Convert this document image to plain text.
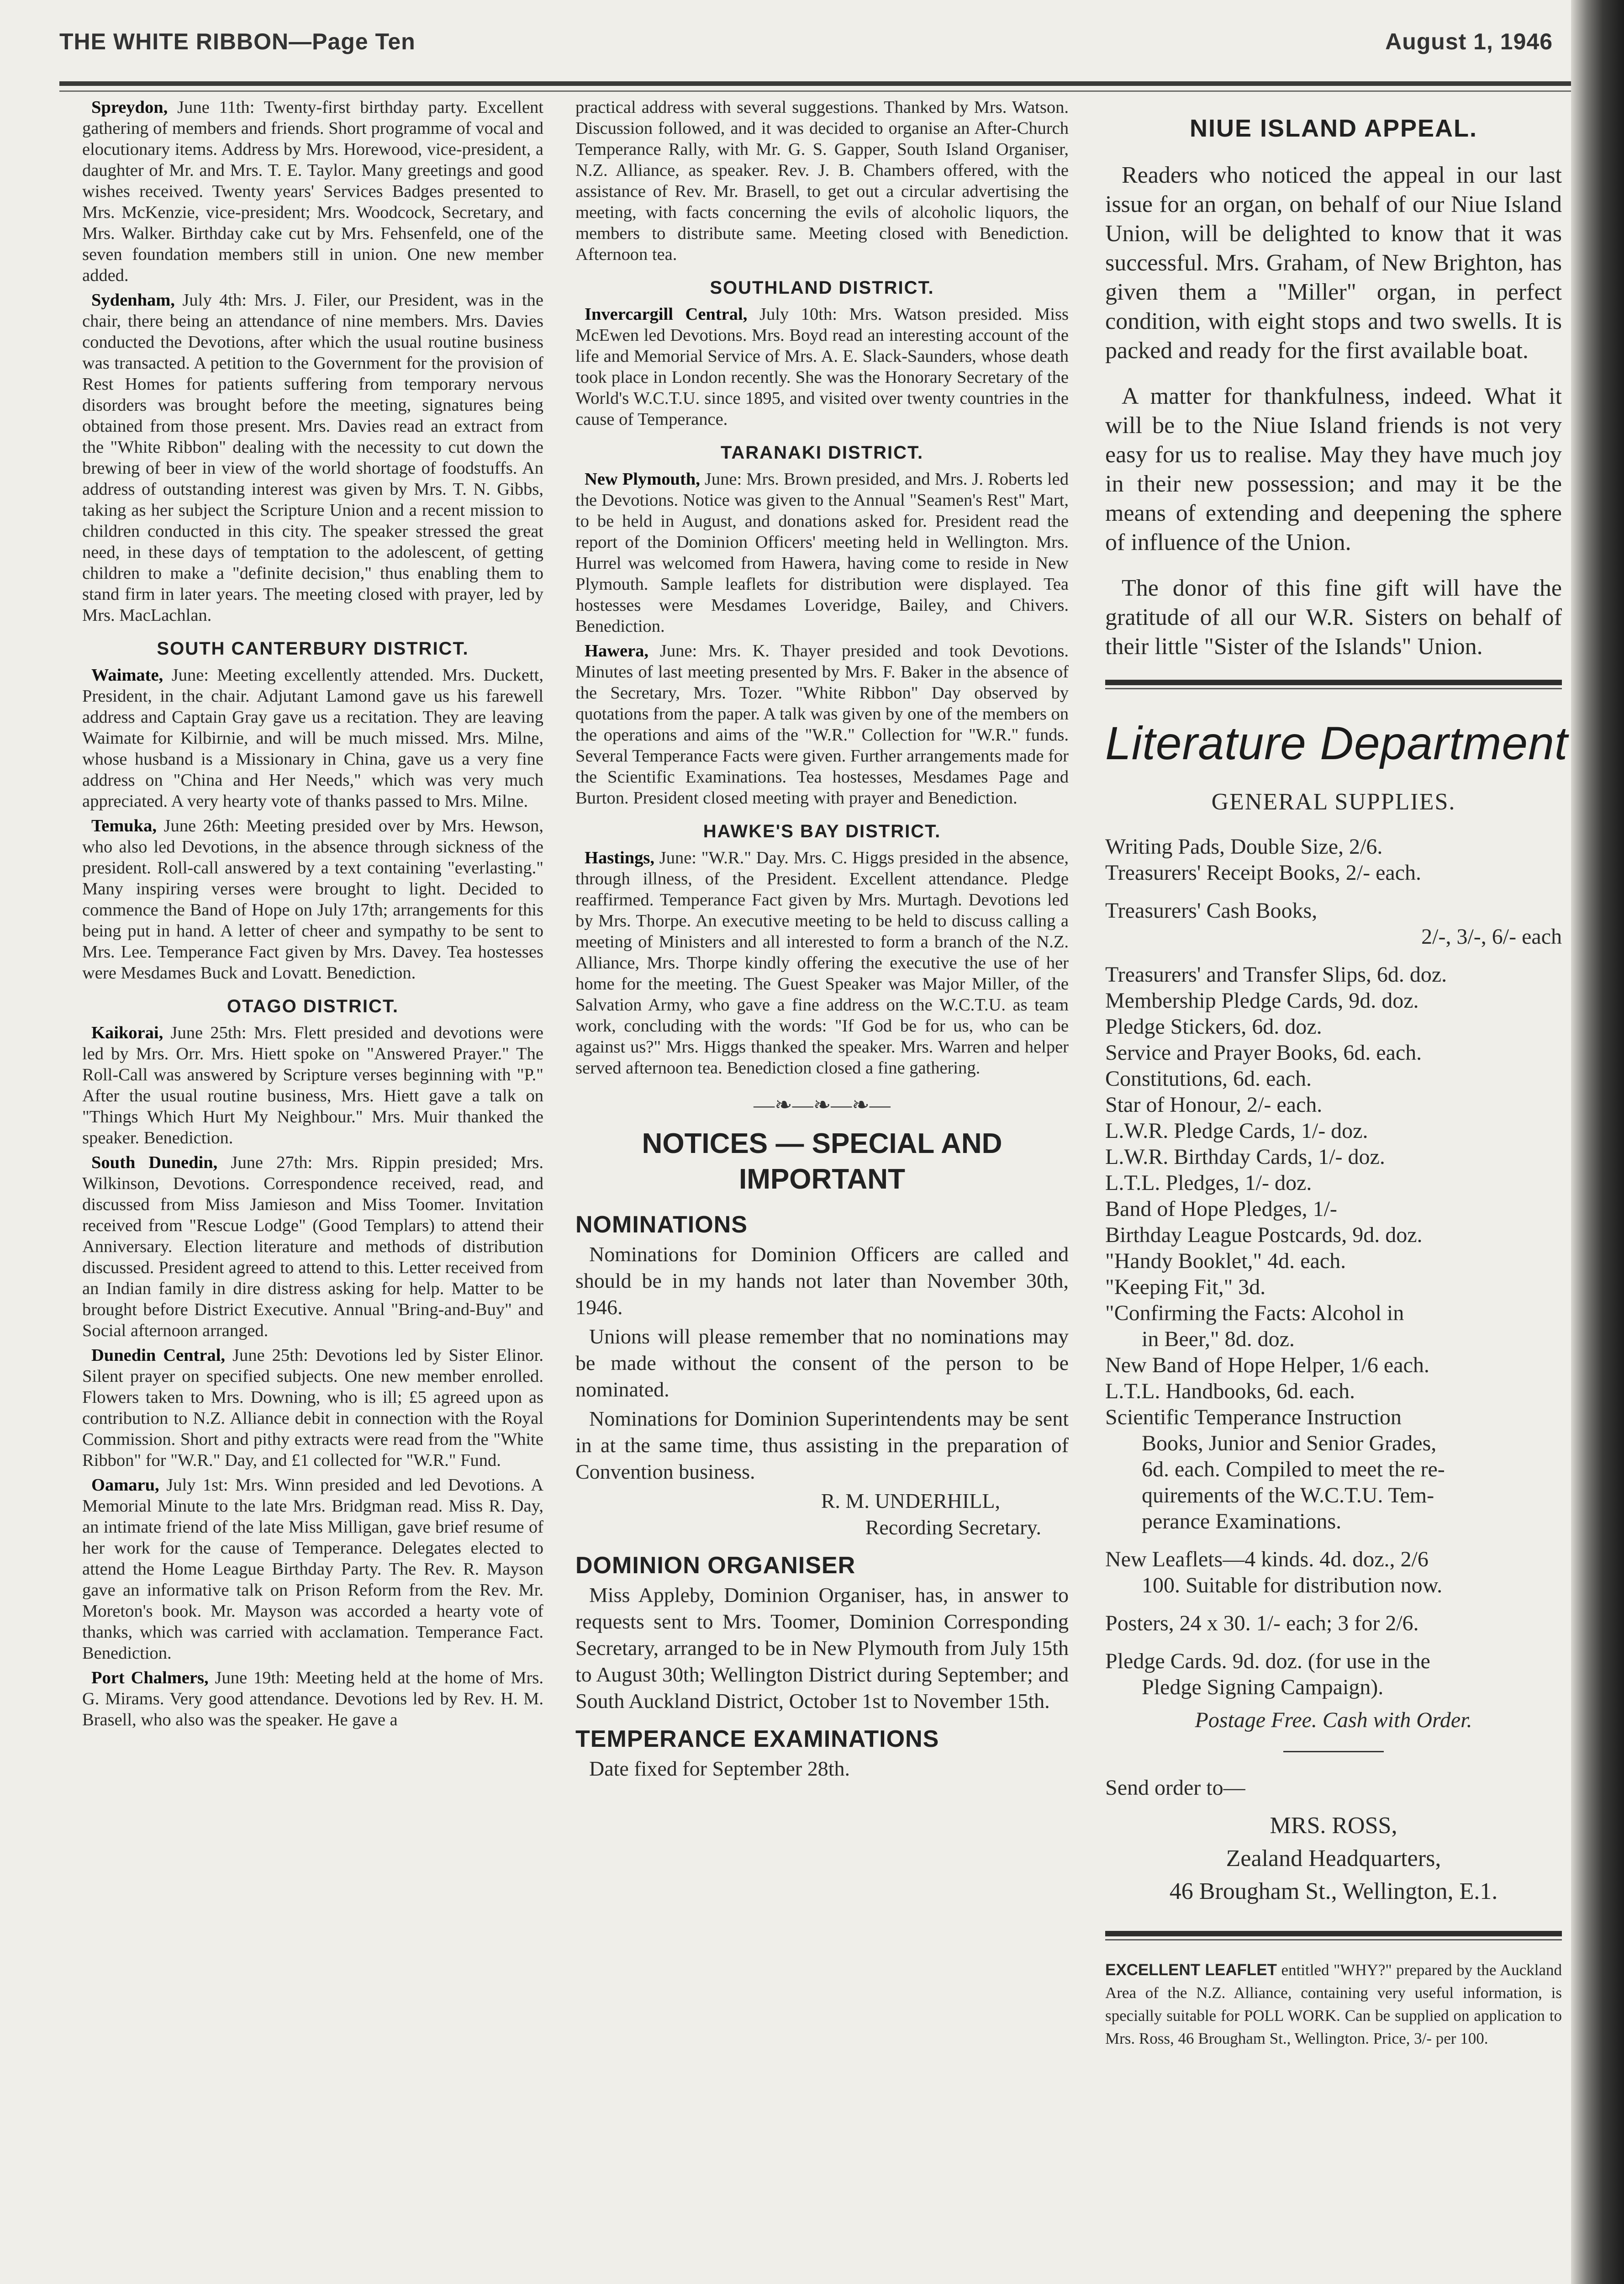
THE WHITE RIBBON—Page Ten	August 1, 1946

Spreydon, June 11th: Twenty-first birthday party. Excellent gathering of members and friends. Short programme of vocal and elocutionary items. Address by Mrs. Horewood, vice-president, a daughter of Mr. and Mrs. T. E. Taylor. Many greetings and good wishes received. Twenty years' Services Badges presented to Mrs. McKenzie, vice-president; Mrs. Woodcock, Secretary, and Mrs. Walker. Birthday cake cut by Mrs. Fehsenfeld, one of the seven foundation members still in union. One new member added.

Sydenham, July 4th: Mrs. J. Filer, our President, was in the chair, there being an attendance of nine members. Mrs. Davies conducted the Devotions, after which the usual routine business was transacted. A petition to the Government for the provision of Rest Homes for patients suffering from temporary nervous disorders was brought before the meeting, signatures being obtained from those present. Mrs. Davies read an extract from the "White Ribbon" dealing with the necessity to cut down the brewing of beer in view of the world shortage of foodstuffs. An address of outstanding interest was given by Mrs. T. N. Gibbs, taking as her subject the Scripture Union and a recent mission to children conducted in this city. The speaker stressed the great need, in these days of temptation to the adolescent, of getting children to make a "definite decision," thus enabling them to stand firm in later years. The meeting closed with prayer, led by Mrs. MacLachlan.

SOUTH CANTERBURY DISTRICT.

Waimate, June: Meeting excellently attended. Mrs. Duckett, President, in the chair. Adjutant Lamond gave us his farewell address and Captain Gray gave us a recitation. They are leaving Waimate for Kilbirnie, and will be much missed. Mrs. Milne, whose husband is a Missionary in China, gave us a very fine address on "China and Her Needs," which was very much appreciated. A very hearty vote of thanks passed to Mrs. Milne.

Temuka, June 26th: Meeting presided over by Mrs. Hewson, who also led Devotions, in the absence through sickness of the president. Roll-call answered by a text containing "everlasting." Many inspiring verses were brought to light. Decided to commence the Band of Hope on July 17th; arrangements for this being put in hand. A letter of cheer and sympathy to be sent to Mrs. Lee. Temperance Fact given by Mrs. Davey. Tea hostesses were Mesdames Buck and Lovatt. Benediction.

OTAGO DISTRICT.

Kaikorai, June 25th: Mrs. Flett presided and devotions were led by Mrs. Orr. Mrs. Hiett spoke on "Answered Prayer." The Roll-Call was answered by Scripture verses beginning with "P." After the usual routine business, Mrs. Hiett gave a talk on "Things Which Hurt My Neighbour." Mrs. Muir thanked the speaker. Benediction.

South Dunedin, June 27th: Mrs. Rippin presided; Mrs. Wilkinson, Devotions. Correspondence received, read, and discussed from Miss Jamieson and Miss Toomer. Invitation received from "Rescue Lodge" (Good Templars) to attend their Anniversary. Election literature and methods of distribution discussed. President agreed to attend to this. Letter received from an Indian family in dire distress asking for help. Matter to be brought before District Executive. Annual "Bring-and-Buy" and Social afternoon arranged.

Dunedin Central, June 25th: Devotions led by Sister Elinor. Silent prayer on specified subjects. One new member enrolled. Flowers taken to Mrs. Downing, who is ill; £5 agreed upon as contribution to N.Z. Alliance debit in connection with the Royal Commission. Short and pithy extracts were read from the "White Ribbon" for "W.R." Day, and £1 collected for "W.R." Fund.

Oamaru, July 1st: Mrs. Winn presided and led Devotions. A Memorial Minute to the late Mrs. Bridgman read. Miss R. Day, an intimate friend of the late Miss Milligan, gave brief resume of her work for the cause of Temperance. Delegates elected to attend the Home League Birthday Party. The Rev. R. Mayson gave an informative talk on Prison Reform from the Rev. Mr. Moreton's book. Mr. Mayson was accorded a hearty vote of thanks, which was carried with acclamation. Temperance Fact. Benediction.

Port Chalmers, June 19th: Meeting held at the home of Mrs. G. Mirams. Very good attendance. Devotions led by Rev. H. M. Brasell, who also was the speaker. He gave a

practical address with several suggestions. Thanked by Mrs. Watson. Discussion followed, and it was decided to organise an After-Church Temperance Rally, with Mr. G. S. Gapper, South Island Organiser, N.Z. Alliance, as speaker. Rev. J. B. Chambers offered, with the assistance of Rev. Mr. Brasell, to get out a circular advertising the meeting, with facts concerning the evils of alcoholic liquors, the members to distribute same. Meeting closed with Benediction. Afternoon tea.

SOUTHLAND DISTRICT.

Invercargill Central, July 10th: Mrs. Watson presided. Miss McEwen led Devotions. Mrs. Boyd read an interesting account of the life and Memorial Service of Mrs. A. E. Slack-Saunders, whose death took place in London recently. She was the Honorary Secretary of the World's W.C.T.U. since 1895, and visited over twenty countries in the cause of Temperance.

TARANAKI DISTRICT.

New Plymouth, June: Mrs. Brown presided, and Mrs. J. Roberts led the Devotions. Notice was given to the Annual "Seamen's Rest" Mart, to be held in August, and donations asked for. President read the report of the Dominion Officers' meeting held in Wellington. Mrs. Hurrel was welcomed from Hawera, having come to reside in New Plymouth. Sample leaflets for distribution were displayed. Tea hostesses were Mesdames Loveridge, Bailey, and Chivers. Benediction.

Hawera, June: Mrs. K. Thayer presided and took Devotions. Minutes of last meeting presented by Mrs. F. Baker in the absence of the Secretary, Mrs. Tozer. "White Ribbon" Day observed by quotations from the paper. A talk was given by one of the members on the operations and aims of the "W.R." Collection for "W.R." funds. Several Temperance Facts were given. Further arrangements made for the Scientific Examinations. Tea hostesses, Mesdames Page and Burton. President closed meeting with prayer and Benediction.

HAWKE'S BAY DISTRICT.

Hastings, June: "W.R." Day. Mrs. C. Higgs presided in the absence, through illness, of the President. Excellent attendance. Pledge reaffirmed. Temperance Fact given by Mrs. Murtagh. Devotions led by Mrs. Thorpe. An executive meeting to be held to discuss calling a meeting of Ministers and all interested to form a branch of the N.Z. Alliance, Mrs. Thorpe kindly offering the executive the use of her home for the meeting. The Guest Speaker was Major Miller, of the Salvation Army, who gave a fine address on the W.C.T.U. as team work, concluding with the words: "If God be for us, who can be against us?" Mrs. Higgs thanked the speaker. Mrs. Warren and helper served afternoon tea. Benediction closed a fine gathering.

—❧—❧—❧—
NOTICES — SPECIAL AND IMPORTANT
NOMINATIONS

Nominations for Dominion Officers are called and should be in my hands not later than November 30th, 1946.

Unions will please remember that no nominations may be made without the consent of the person to be nominated.

Nominations for Dominion Superintendents may be sent in at the same time, thus assisting in the preparation of Convention business.

R. M. UNDERHILL,
Recording Secretary.
DOMINION ORGANISER

Miss Appleby, Dominion Organiser, has, in answer to requests sent to Mrs. Toomer, Dominion Corresponding Secretary, arranged to be in New Plymouth from July 15th to August 30th; Wellington District during September; and South Auckland District, October 1st to November 15th.

TEMPERANCE EXAMINATIONS

Date fixed for September 28th.

NIUE ISLAND APPEAL.

Readers who noticed the appeal in our last issue for an organ, on behalf of our Niue Island Union, will be delighted to know that it was successful. Mrs. Graham, of New Brighton, has given them a "Miller" organ, in perfect condition, with eight stops and two swells. It is packed and ready for the first available boat.

A matter for thankfulness, indeed. What it will be to the Niue Island friends is not very easy for us to realise. May they have much joy in their new possession; and may it be the means of extending and deepening the sphere of influence of the Union.

The donor of this fine gift will have the gratitude of all our W.R. Sisters on behalf of their little "Sister of the Islands" Union.

Literature Department
GENERAL SUPPLIES.
Writing Pads, Double Size, 2/6.
Treasurers' Receipt Books, 2/- each.
Treasurers' Cash Books,
2/-, 3/-, 6/- each
Treasurers' and Transfer Slips, 6d. doz.
Membership Pledge Cards, 9d. doz.
Pledge Stickers, 6d. doz.
Service and Prayer Books, 6d. each.
Constitutions, 6d. each.
Star of Honour, 2/- each.
L.W.R. Pledge Cards, 1/- doz.
L.W.R. Birthday Cards, 1/- doz.
L.T.L. Pledges, 1/- doz.
Band of Hope Pledges, 1/-
Birthday League Postcards, 9d. doz.
"Handy Booklet," 4d. each.
"Keeping Fit," 3d.
"Confirming the Facts: Alcohol in
in Beer," 8d. doz.
New Band of Hope Helper, 1/6 each.
L.T.L. Handbooks, 6d. each.
Scientific Temperance Instruction
Books, Junior and Senior Grades,
6d. each. Compiled to meet the re-
quirements of the W.C.T.U. Tem-
perance Examinations.
New Leaflets—4 kinds. 4d. doz., 2/6
100. Suitable for distribution now.
Posters, 24 x 30. 1/- each; 3 for 2/6.
Pledge Cards. 9d. doz. (for use in the
Pledge Signing Campaign).
Postage Free. Cash with Order.
Send order to—
MRS. ROSS,
Zealand Headquarters,
46 Brougham St., Wellington, E.1.

EXCELLENT LEAFLET entitled "WHY?" prepared by the Auckland Area of the N.Z. Alliance, containing very useful information, is specially suitable for POLL WORK. Can be supplied on application to Mrs. Ross, 46 Brougham St., Wellington. Price, 3/- per 100.
